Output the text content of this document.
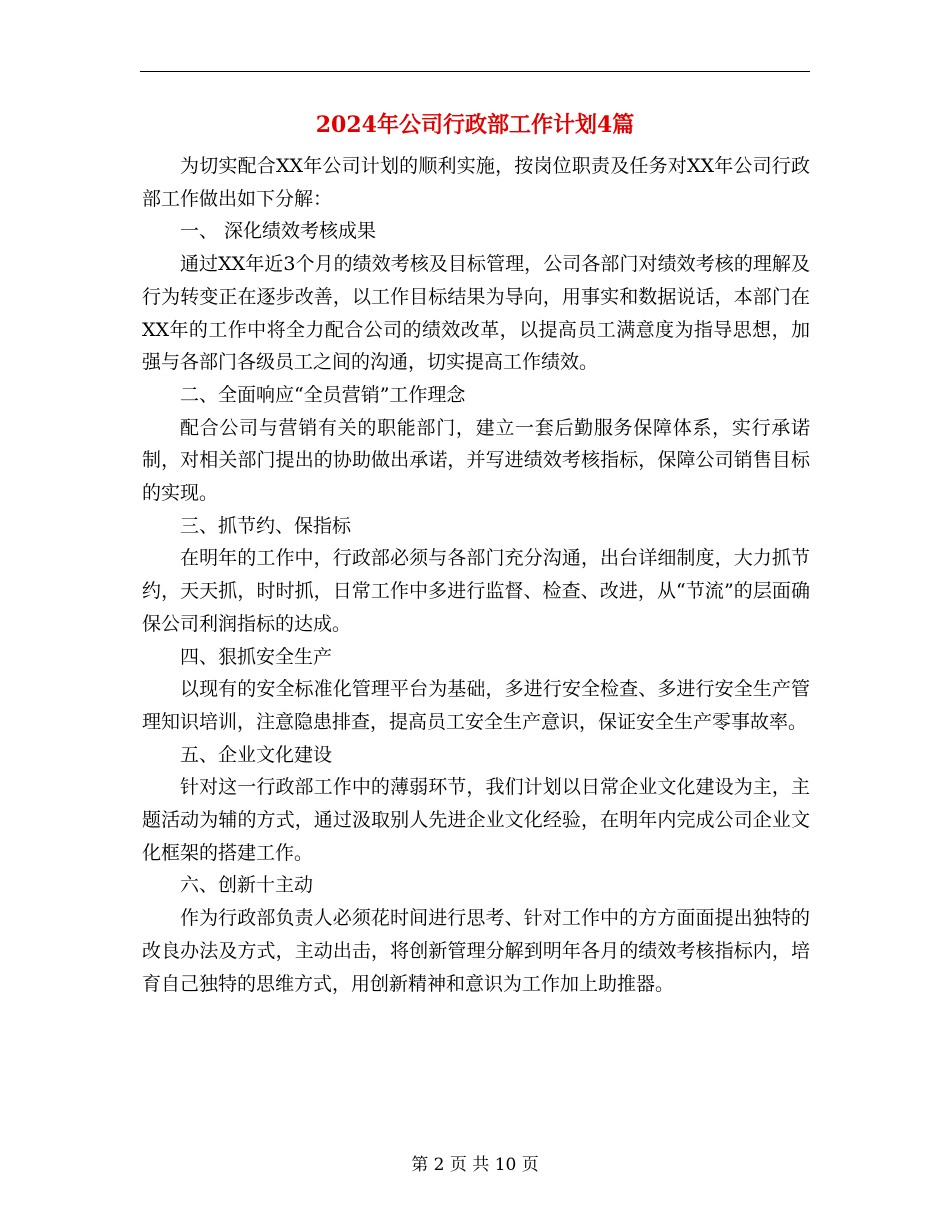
2024年公司行政部工作计划4篇

为切实配合XX年公司计划的顺利实施，按岗位职责及任务对XX年公司行政部工作做出如下分解：

一、 深化绩效考核成果

通过XX年近3个月的绩效考核及目标管理，公司各部门对绩效考核的理解及行为转变正在逐步改善，以工作目标结果为导向，用事实和数据说话，本部门在XX年的工作中将全力配合公司的绩效改革，以提高员工满意度为指导思想，加强与各部门各级员工之间的沟通，切实提高工作绩效。

二、全面响应“全员营销”工作理念

配合公司与营销有关的职能部门，建立一套后勤服务保障体系，实行承诺制，对相关部门提出的协助做出承诺，并写进绩效考核指标，保障公司销售目标的实现。

三、抓节约、保指标

在明年的工作中，行政部必须与各部门充分沟通，出台详细制度，大力抓节约，天天抓，时时抓，日常工作中多进行监督、检查、改进，从“节流”的层面确保公司利润指标的达成。

四、狠抓安全生产

以现有的安全标准化管理平台为基础，多进行安全检查、多进行安全生产管理知识培训，注意隐患排查，提高员工安全生产意识，保证安全生产零事故率。

五、企业文化建设

针对这一行政部工作中的薄弱环节，我们计划以日常企业文化建设为主，主题活动为辅的方式，通过汲取别人先进企业文化经验，在明年内完成公司企业文化框架的搭建工作。

六、创新十主动

作为行政部负责人必须花时间进行思考、针对工作中的方方面面提出独特的改良办法及方式，主动出击，将创新管理分解到明年各月的绩效考核指标内，培育自己独特的思维方式，用创新精神和意识为工作加上助推器。

第 2 页 共 10 页
